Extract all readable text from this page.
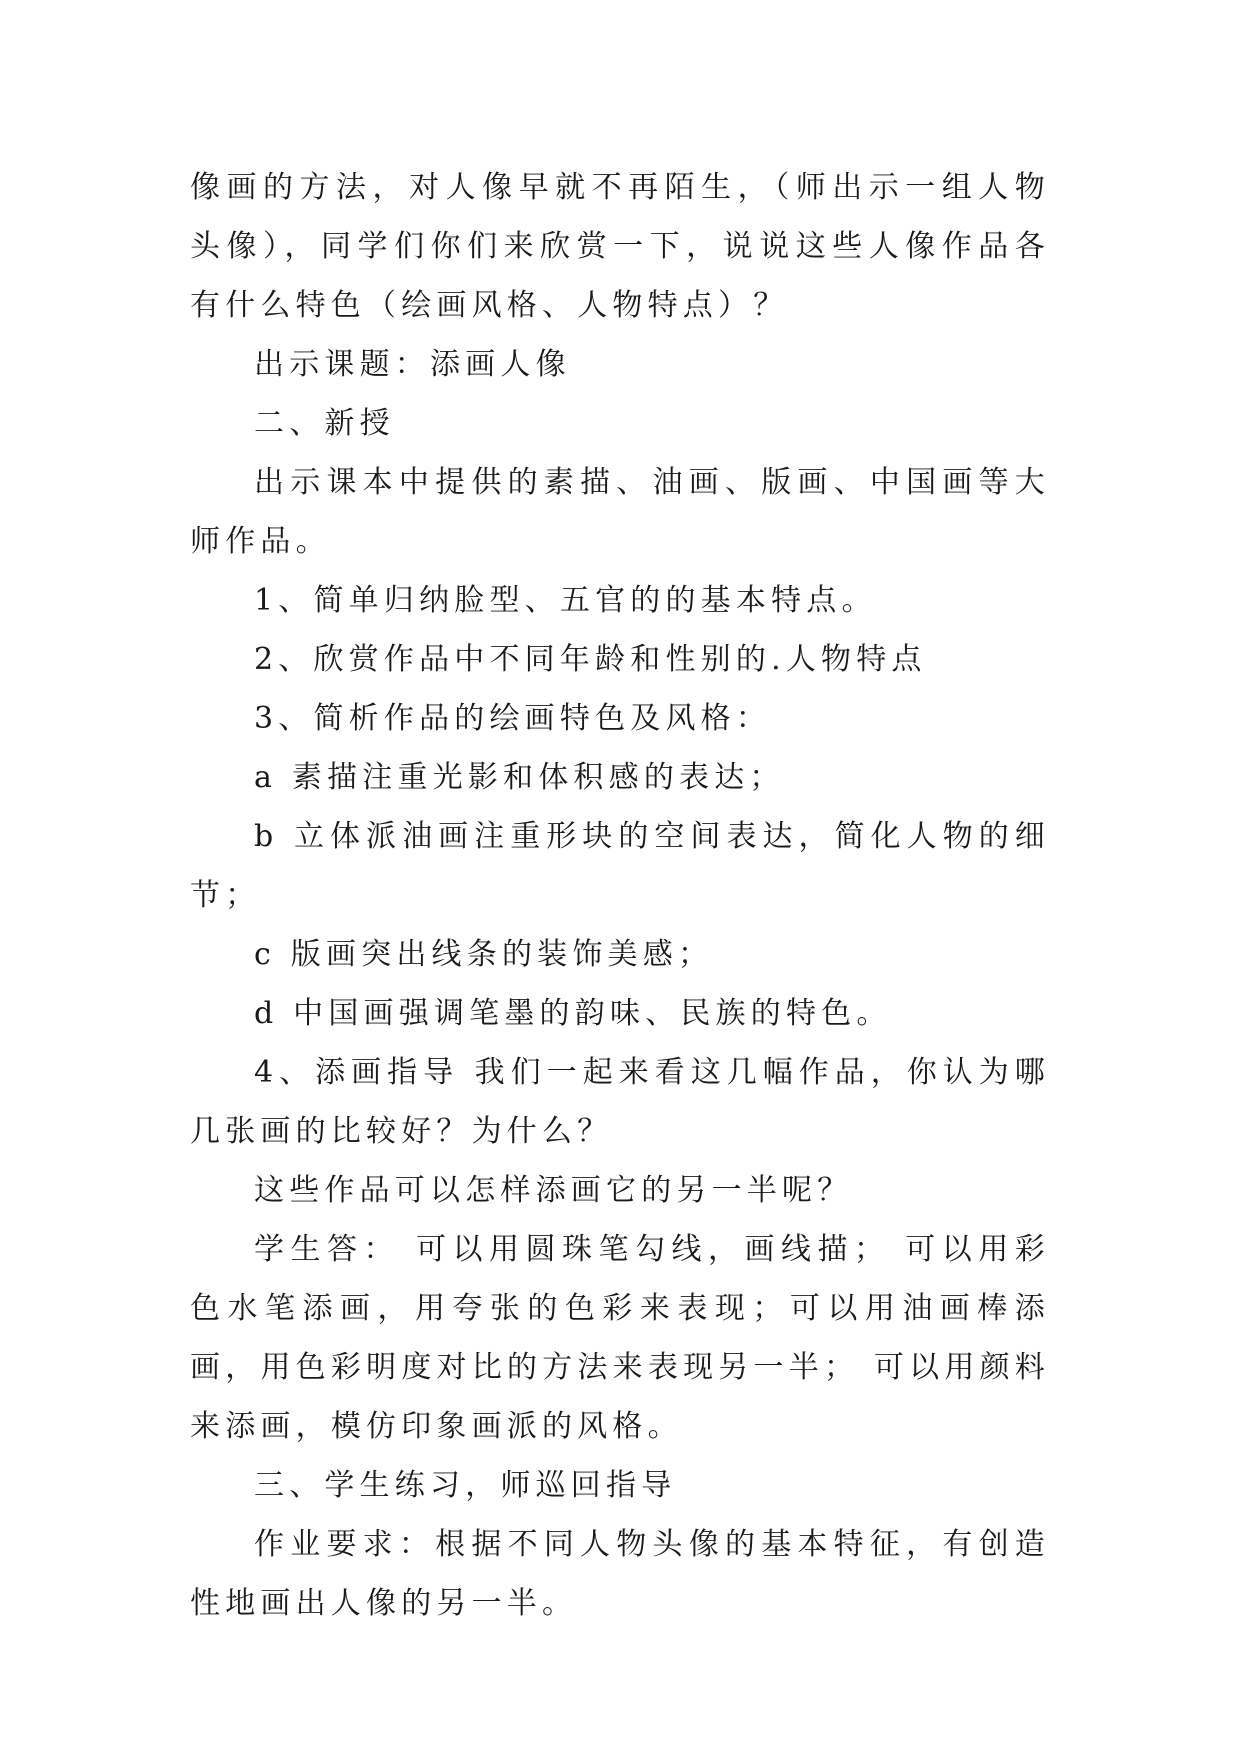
像画的方法，对人像早就不再陌生，（师出示一组人物头像），同学们你们来欣赏一下，说说这些人像作品各有什么特色（绘画风格、人物特点）？

出示课题：添画人像

二、新授

出示课本中提供的素描、油画、版画、中国画等大师作品。

1、简单归纳脸型、五官的的基本特点。

2、欣赏作品中不同年龄和性别的.人物特点

3、简析作品的绘画特色及风格：

a 素描注重光影和体积感的表达；

b 立体派油画注重形块的空间表达，简化人物的细节；

c 版画突出线条的装饰美感；

d 中国画强调笔墨的韵味、民族的特色。

4、添画指导 我们一起来看这几幅作品，你认为哪几张画的比较好？为什么？

这些作品可以怎样添画它的另一半呢？

学生答： 可以用圆珠笔勾线，画线描； 可以用彩色水笔添画，用夸张的色彩来表现；可以用油画棒添画，用色彩明度对比的方法来表现另一半； 可以用颜料来添画，模仿印象画派的风格。

三、学生练习，师巡回指导

作业要求：根据不同人物头像的基本特征，有创造性地画出人像的另一半。
